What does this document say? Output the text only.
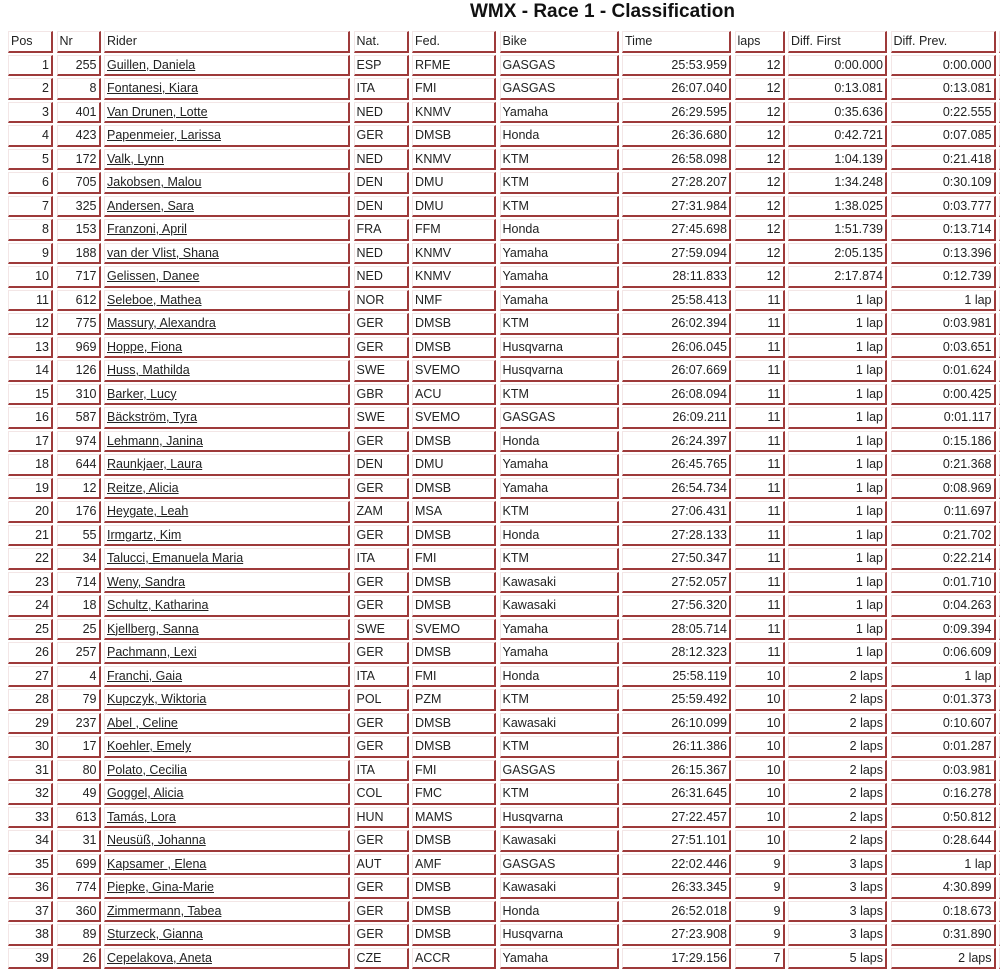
WMX - Race 1 - Classification
Pos	Nr	Rider	Nat.	Fed.	Bike	Time	laps	Diff. First	Diff. Prev.
1	255 Guillen, Daniela	ESP	RFME	GASGAS	25:53.959	12	0:00.000	0:00.000
2	8 Fontanesi, Kiara	ITA	FMI	GASGAS	26:07.040	12	0:13.081	0:13.081
3	401 Van Drunen, Lotte	NED	KNMV	Yamaha	26:29.595	12	0:35.636	0:22.555
4	423 Papenmeier, Larissa	GER	DMSB	Honda	26:36.680	12	0:42.721	0:07.085
5	172 Valk, Lynn	NED	KNMV	KTM	26:58.098	12	1:04.139	0:21.418
6	705 Jakobsen, Malou	DEN	DMU	KTM	27:28.207	12	1:34.248	0:30.109
7	325 Andersen, Sara	DEN	DMU	KTM	27:31.984	12	1:38.025	0:03.777
8	153 Franzoni, April	FRA	FFM	Honda	27:45.698	12	1:51.739	0:13.714
9	188 van der Vlist, Shana	NED	KNMV	Yamaha	27:59.094	12	2:05.135	0:13.396
10	717 Gelissen, Danee	NED	KNMV	Yamaha	28:11.833	12	2:17.874	0:12.739
11	612 Seleboe, Mathea	NOR	NMF	Yamaha	25:58.413	11	1 lap	1 lap
12	775 Massury, Alexandra	GER	DMSB	KTM	26:02.394	11	1 lap	0:03.981
13	969 Hoppe, Fiona	GER	DMSB	Husqvarna	26:06.045	11	1 lap	0:03.651
14	126 Huss, Mathilda	SWE	SVEMO	Husqvarna	26:07.669	11	1 lap	0:01.624
15	310 Barker, Lucy	GBR	ACU	KTM	26:08.094	11	1 lap	0:00.425
16	587 Bäckström, Tyra	SWE	SVEMO	GASGAS	26:09.211	11	1 lap	0:01.117
17	974 Lehmann, Janina	GER	DMSB	Honda	26:24.397	11	1 lap	0:15.186
18	644 Raunkjaer, Laura	DEN	DMU	Yamaha	26:45.765	11	1 lap	0:21.368
19	12 Reitze, Alicia	GER	DMSB	Yamaha	26:54.734	11	1 lap	0:08.969
20	176 Heygate, Leah	ZAM	MSA	KTM	27:06.431	11	1 lap	0:11.697
21	55 Irmgartz, Kim	GER	DMSB	Honda	27:28.133	11	1 lap	0:21.702
22	34 Talucci, Emanuela Maria	ITA	FMI	KTM	27:50.347	11	1 lap	0:22.214
23	714 Weny, Sandra	GER	DMSB	Kawasaki	27:52.057	11	1 lap	0:01.710
24	18 Schultz, Katharina	GER	DMSB	Kawasaki	27:56.320	11	1 lap	0:04.263
25	25 Kjellberg, Sanna	SWE	SVEMO	Yamaha	28:05.714	11	1 lap	0:09.394
26	257 Pachmann, Lexi	GER	DMSB	Yamaha	28:12.323	11	1 lap	0:06.609
27	4 Franchi, Gaia	ITA	FMI	Honda	25:58.119	10	2 laps	1 lap
28	79 Kupczyk, Wiktoria	POL	PZM	KTM	25:59.492	10	2 laps	0:01.373
29	237 Abel , Celine	GER	DMSB	Kawasaki	26:10.099	10	2 laps	0:10.607
30	17 Koehler, Emely	GER	DMSB	KTM	26:11.386	10	2 laps	0:01.287
31	80 Polato, Cecilia	ITA	FMI	GASGAS	26:15.367	10	2 laps	0:03.981
32	49 Goggel, Alicia	COL	FMC	KTM	26:31.645	10	2 laps	0:16.278
33	613 Tamás, Lora	HUN	MAMS	Husqvarna	27:22.457	10	2 laps	0:50.812
34	31 Neusüß, Johanna	GER	DMSB	Kawasaki	27:51.101	10	2 laps	0:28.644
35	699 Kapsamer , Elena	AUT	AMF	GASGAS	22:02.446	9	3 laps	1 lap
36	774 Piepke, Gina-Marie	GER	DMSB	Kawasaki	26:33.345	9	3 laps	4:30.899
37	360 Zimmermann, Tabea	GER	DMSB	Honda	26:52.018	9	3 laps	0:18.673
38	89 Sturzeck, Gianna	GER	DMSB	Husqvarna	27:23.908	9	3 laps	0:31.890
39	26 Cepelakova, Aneta	CZE	ACCR	Yamaha	17:29.156	7	5 laps	2 laps
